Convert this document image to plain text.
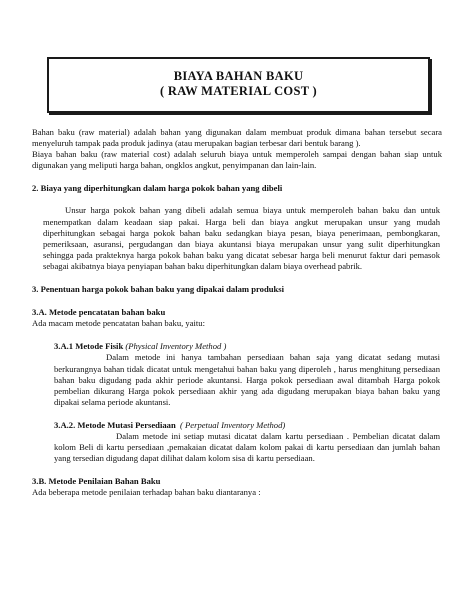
BIAYA BAHAN BAKU
( RAW MATERIAL COST )

Bahan baku (raw material) adalah bahan yang digunakan dalam membuat produk dimana bahan tersebut secara menyeluruh tampak pada produk jadinya (atau merupakan bagian terbesar dari bentuk barang ).

Biaya bahan baku (raw material cost) adalah seluruh biaya untuk memperoleh sampai dengan bahan siap untuk digunakan yang meliputi harga bahan, ongklos angkut, penyimpanan dan lain-lain.

2. Biaya yang diperhitungkan dalam harga pokok bahan yang dibeli

Unsur harga pokok bahan yang dibeli adalah semua biaya untuk memperoleh bahan baku dan untuk menempatkan dalam keadaan siap pakai. Harga beli dan biaya angkut merupakan unsur yang mudah diperhitungkan sebagai harga pokok bahan baku sedangkan biaya pesan, biaya penerimaan, pembongkaran, pemeriksaan, asuransi, pergudangan dan biaya akuntansi biaya merupakan unsur yang sulit diperhitungkan sehingga pada prakteknya harga pokok bahan baku yang dicatat sebesar harga beli menurut faktur dari pemasok sebagai akibatnya biaya penyiapan bahan baku diperhitungkan dalam biaya overhead pabrik.

3. Penentuan harga pokok bahan baku yang dipakai dalam produksi

3.A. Metode pencatatan bahan baku

Ada macam metode pencatatan bahan baku, yaitu:

3.A.1 Metode Fisik (Physical Inventory Method )

Dalam metode ini hanya tambahan persediaan bahan saja yang dicatat sedang mutasi berkurangnya bahan tidak dicatat untuk mengetahui bahan baku yang diperoleh , harus menghitung persediaan bahan baku digudang pada akhir periode akuntansi. Harga pokok persediaan awal ditambah Harga pokok pembelian dikurang Harga pokok persediaan akhir yang ada digudang merupakan biaya bahan baku yang dipakai selama periode akuntansi.

3.A.2. Metode Mutasi Persediaan  ( Perpetual Inventory Method)

Dalam metode ini setiap mutasi dicatat dalam kartu persediaan . Pembelian dicatat dalam kolom Beli di kartu persediaan ,pemakaian dicatat dalam kolom pakai di kartu persediaan dan jumlah bahan yang tersedian digudang dapat dilihat dalam kolom sisa di kartu persediaan.

3.B. Metode Penilaian Bahan Baku

Ada beberapa metode penilaian terhadap bahan baku diantaranya :
